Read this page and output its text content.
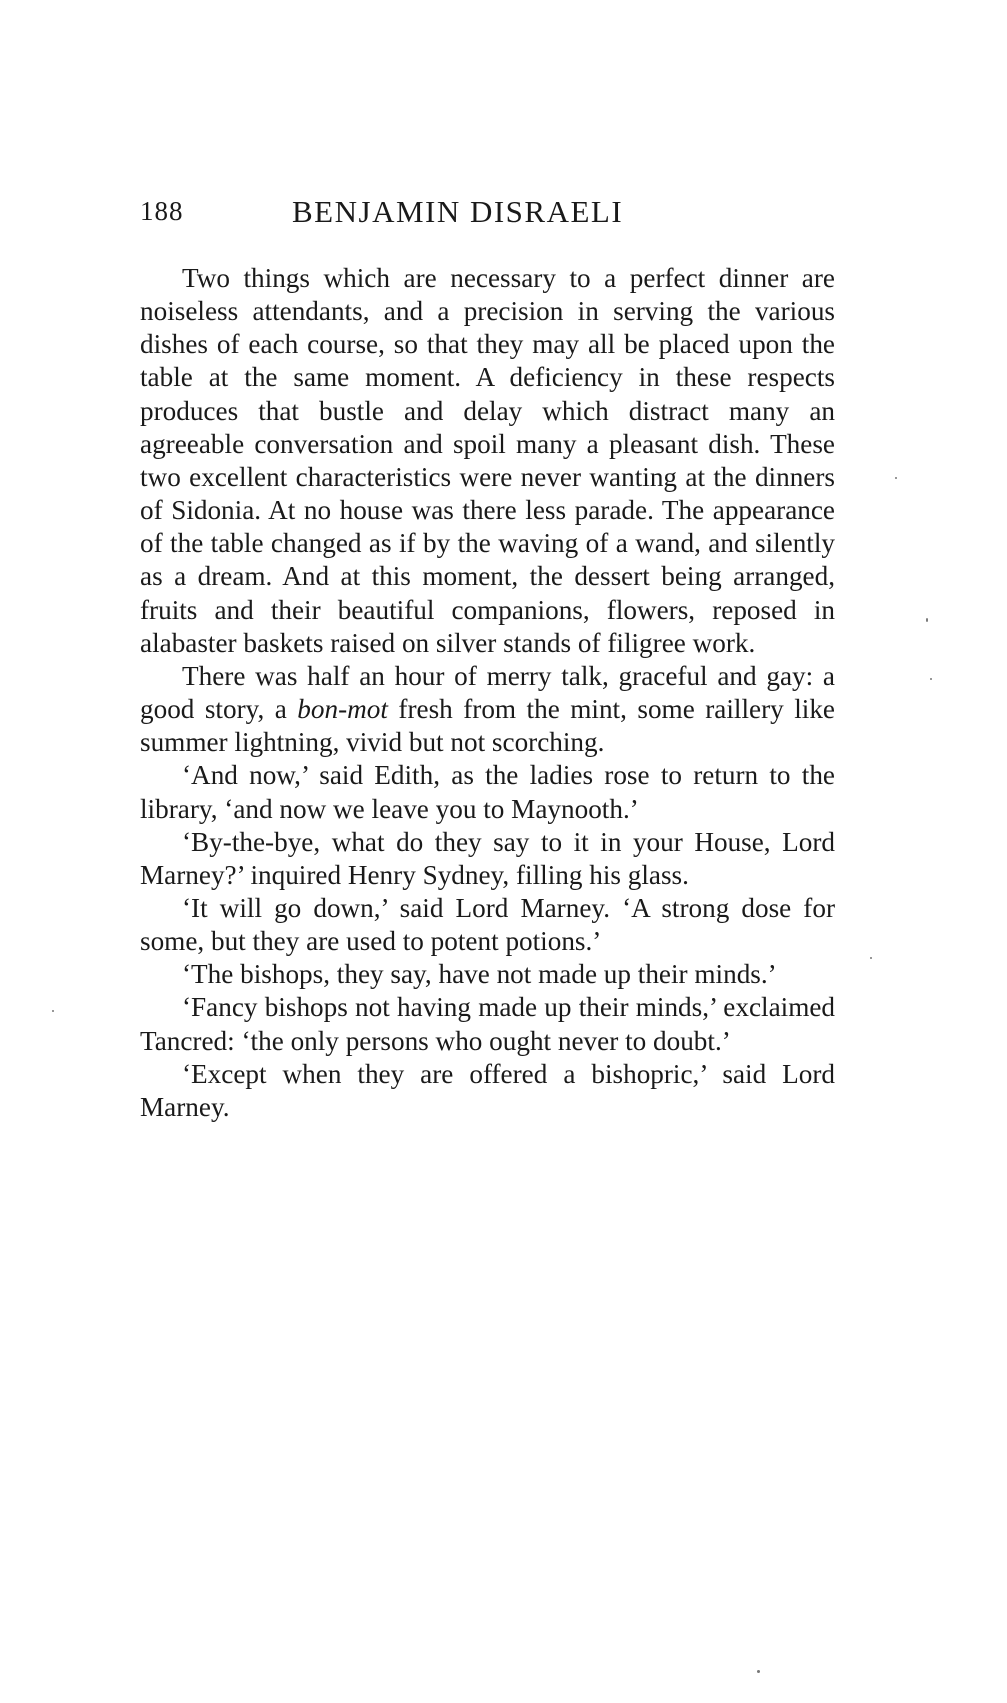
188	BENJAMIN DISRAELI

Two things which are necessary to a perfect dinner are noiseless attendants, and a precision in serving the various dishes of each course, so that they may all be placed upon the table at the same moment. A deficiency in these respects produces that bustle and delay which distract many an agreeable conversation and spoil many a pleasant dish. These two excellent characteristics were never wanting at the dinners of Sidonia. At no house was there less parade. The appearance of the table changed as if by the waving of a wand, and silently as a dream. And at this moment, the dessert being arranged, fruits and their beautiful companions, flowers, reposed in alabaster baskets raised on silver stands of filigree work.

There was half an hour of merry talk, graceful and gay: a good story, a bon-mot fresh from the mint, some raillery like summer lightning, vivid but not scorching.

‘And now,’ said Edith, as the ladies rose to return to the library, ‘and now we leave you to Maynooth.’

‘By-the-bye, what do they say to it in your House, Lord Marney?’ inquired Henry Sydney, filling his glass.

‘It will go down,’ said Lord Marney. ‘A strong dose for some, but they are used to potent potions.’

‘The bishops, they say, have not made up their minds.’

‘Fancy bishops not having made up their minds,’ exclaimed Tancred: ‘the only persons who ought never to doubt.’

‘Except when they are offered a bishopric,’ said Lord Marney.
